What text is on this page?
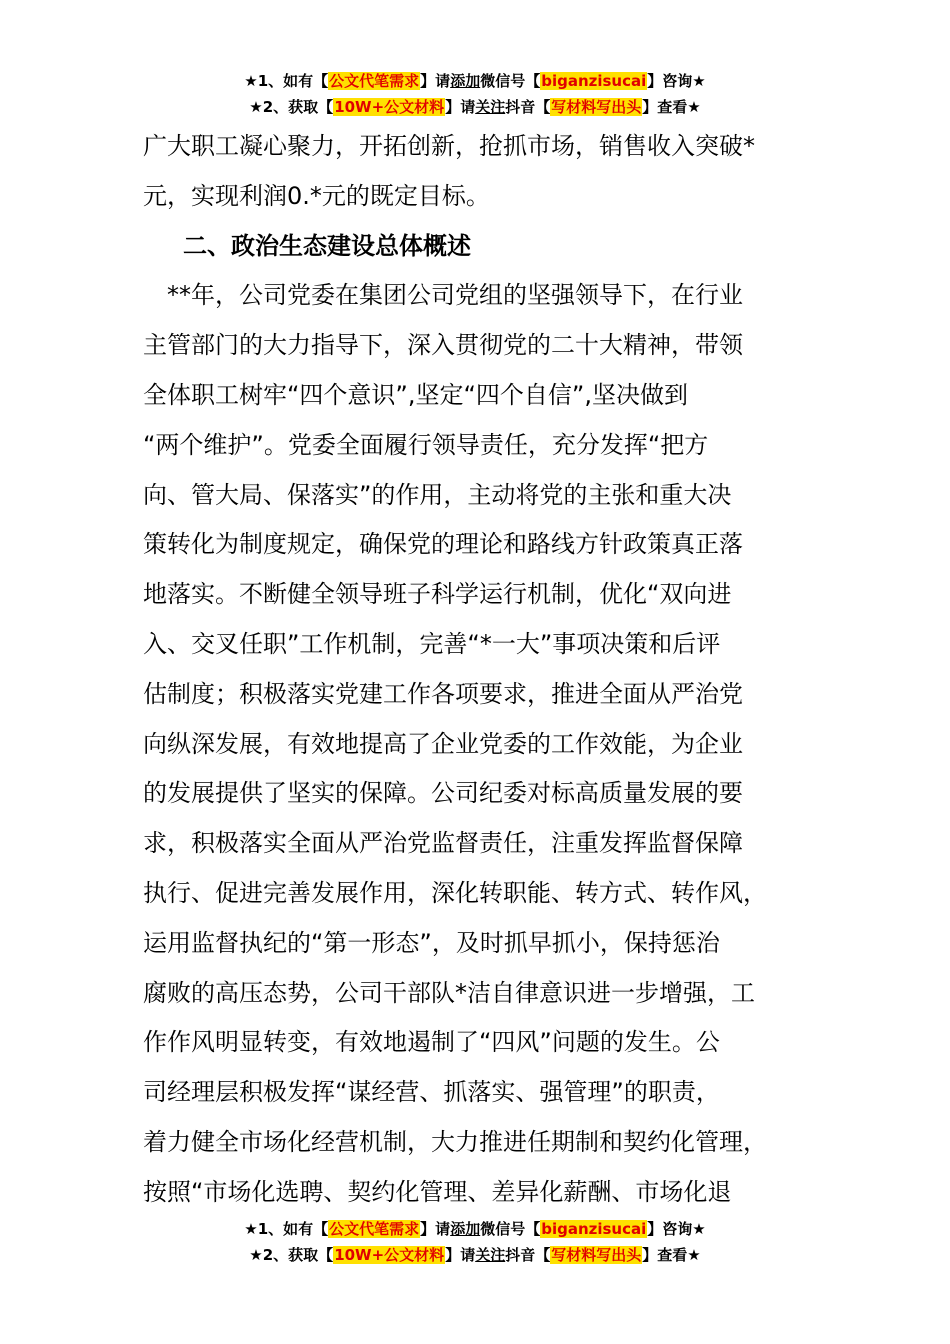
★1、如有【公文代笔需求】请添加微信号【biganzisucai】咨询★
★2、获取【10W+公文材料】请关注抖音【写材料写出头】查看★

广大职工凝心聚力，开拓创新，抢抓市场，销售收入突破*

元，实现利润0.*元的既定目标。

二、政治生态建设总体概述

　**年，公司党委在集团公司党组的坚强领导下，在行业

主管部门的大力指导下，深入贯彻党的二十大精神，带领

全体职工树牢“四个意识”,坚定“四个自信”,坚决做到

“两个维护”。党委全面履行领导责任，充分发挥“把方

向、管大局、保落实”的作用，主动将党的主张和重大决

策转化为制度规定，确保党的理论和路线方针政策真正落

地落实。不断健全领导班子科学运行机制，优化“双向进

入、交叉任职”工作机制，完善“*一大”事项决策和后评

估制度；积极落实党建工作各项要求，推进全面从严治党

向纵深发展，有效地提高了企业党委的工作效能，为企业

的发展提供了坚实的保障。公司纪委对标高质量发展的要

求，积极落实全面从严治党监督责任，注重发挥监督保障

执行、促进完善发展作用，深化转职能、转方式、转作风，

运用监督执纪的“第一形态”，及时抓早抓小，保持惩治

腐败的高压态势，公司干部队*洁自律意识进一步增强，工

作作风明显转变，有效地遏制了“四风”问题的发生。公

司经理层积极发挥“谋经营、抓落实、强管理”的职责，

着力健全市场化经营机制，大力推进任期制和契约化管理，

按照“市场化选聘、契约化管理、差异化薪酬、市场化退

★1、如有【公文代笔需求】请添加微信号【biganzisucai】咨询★
★2、获取【10W+公文材料】请关注抖音【写材料写出头】查看★
